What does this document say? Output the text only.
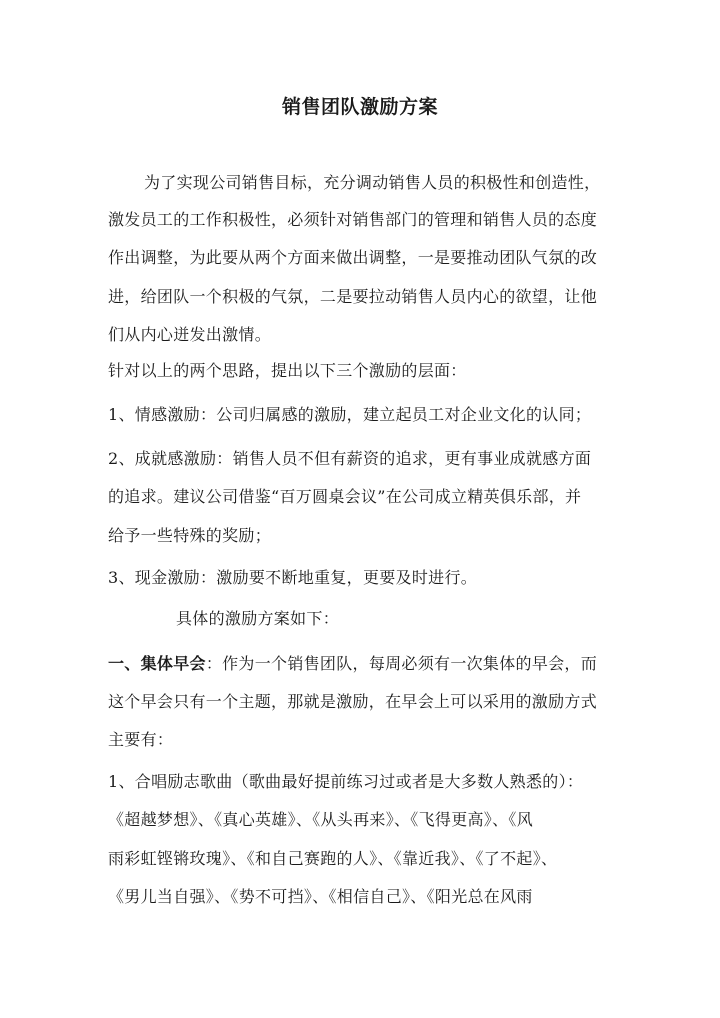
销售团队激励方案
为了实现公司销售目标，充分调动销售人员的积极性和创造性，
激发员工的工作积极性，必须针对销售部门的管理和销售人员的态度
作出调整，为此要从两个方面来做出调整，一是要推动团队气氛的改
进，给团队一个积极的气氛，二是要拉动销售人员内心的欲望，让他
们从内心迸发出激情。
针对以上的两个思路，提出以下三个激励的层面：
1、情感激励：公司归属感的激励，建立起员工对企业文化的认同；
2、成就感激励：销售人员不但有薪资的追求，更有事业成就感方面
的追求。建议公司借鉴“百万圆桌会议”在公司成立精英俱乐部，并
给予一些特殊的奖励；
3、现金激励：激励要不断地重复，更要及时进行。
具体的激励方案如下：
一、集体早会：作为一个销售团队，每周必须有一次集体的早会，而
这个早会只有一个主题，那就是激励，在早会上可以采用的激励方式
主要有：
1、合唱励志歌曲（歌曲最好提前练习过或者是大多数人熟悉的）：
《超越梦想》、《真心英雄》、《从头再来》、《飞得更高》、《风
雨彩虹铿锵玫瑰》、《和自己赛跑的人》、《靠近我》、《了不起》、
《男儿当自强》、《势不可挡》、《相信自己》、《阳光总在风雨
